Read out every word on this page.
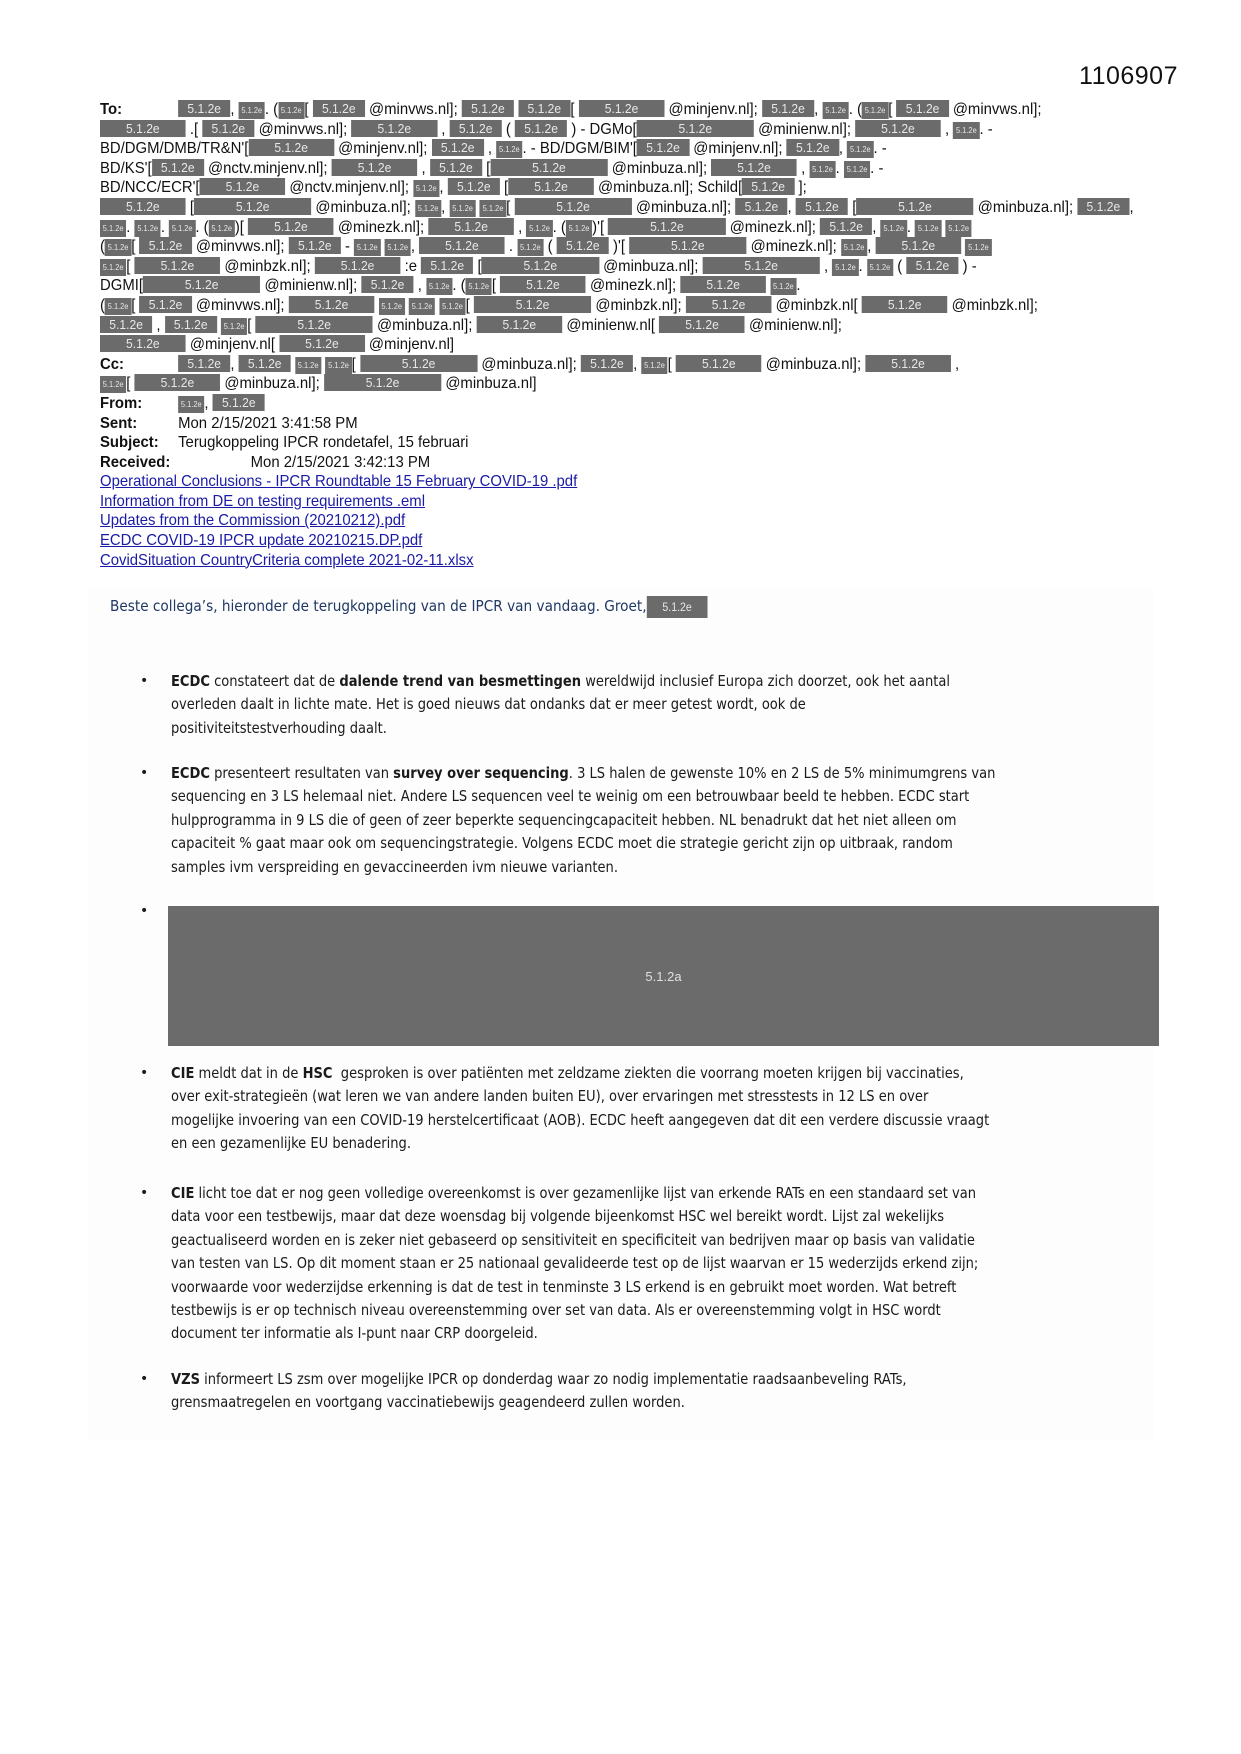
1106907
To:	5.1.2e , 5.1.2e . ( 5.1.2e [ 5.1.2e @minvws.nl]; 5.1.2e 5.1.2e [ 5.1.2e @minjenv.nl]; 5.1.2e , 5.1.2e . ( 5.1.2e [ 5.1.2e @minvws.nl];
5.1.2e .[ 5.1.2e @minvws.nl]; 5.1.2e , 5.1.2e ( 5.1.2e ) - DGMo[	5.1.2e	@minienw.nl]; 5.1.2e , 5.1.2e . -
BD/DGM/DMB/TR&N'[ 5.1.2e @minjenv.nl]; 5.1.2e , 5.1.2e . - BD/DGM/BIM'[ 5.1.2e @minjenv.nl]; 5.1.2e , 5.1.2e . -
BD/KS'[ 5.1.2e @nctv.minjenv.nl]; 5.1.2e , 5.1.2e [	5.1.2e	@minbuza.nl]; 5.1.2e , 5.1.2e . 5.1.2e . -
BD/NCC/ECR'[ 5.1.2e @nctv.minjenv.nl]; 5.1.2e , 5.1.2e [ 5.1.2e @minbuza.nl]; Schild[ 5.1.2e ];
5.1.2e [	5.1.2e	@minbuza.nl]; 5.1.2e , 5.1.2e 5.1.2e [	5.1.2e	@minbuza.nl]; 5.1.2e , 5.1.2e [	5.1.2e	@minbuza.nl]; 5.1.2e ,
5.1.2e . 5.1.2e . 5.1.2e . ( 5.1.2e )[ 5.1.2e @minezk.nl]; 5.1.2e , 5.1.2e . ( 5.1.2e )'[	5.1.2e	@minezk.nl]; 5.1.2e , 5.1.2e . 5.1.2e 5.1.2e
( 5.1.2e [ 5.1.2e @minvws.nl]; 5.1.2e - 5.1.2e 5.1.2e , 5.1.2e . 5.1.2e ( 5.1.2e )'[	5.1.2e	@minezk.nl]; 5.1.2e , 5.1.2e	5.1.2e
5.1.2e [ 5.1.2e @minbzk.nl]; 5.1.2e :e 5.1.2e [	5.1.2e	@minbuza.nl];	5.1.2e	, 5.1.2e . 5.1.2e ( 5.1.2e ) -
DGMI[	5.1.2e	@minienw.nl]; 5.1.2e , 5.1.2e . ( 5.1.2e [ 5.1.2e @minezk.nl]; 5.1.2e	5.1.2e .
( 5.1.2e [ 5.1.2e @minvws.nl]; 5.1.2e	5.1.2e 5.1.2e 5.1.2e [	5.1.2e	@minbzk.nl]; 5.1.2e @minbzk.nl[ 5.1.2e @minbzk.nl];
5.1.2e , 5.1.2e 5.1.2e [	5.1.2e	@minbuza.nl]; 5.1.2e @minienw.nl[ 5.1.2e @minienw.nl];
5.1.2e @minjenv.nl[ 5.1.2e @minjenv.nl]
Cc:	5.1.2e , 5.1.2e 5.1.2e 5.1.2e [	5.1.2e	@minbuza.nl]; 5.1.2e , 5.1.2e [ 5.1.2e @minbuza.nl]; 5.1.2e ,
5.1.2e [ 5.1.2e @minbuza.nl];	5.1.2e	@minbuza.nl]
From:	5.1.2e , 5.1.2e
Sent:	Mon 2/15/2021 3:41:58 PM
Subject:	Terugkoppeling IPCR rondetafel, 15 februari
Received:	Mon 2/15/2021 3:42:13 PM
Operational Conclusions - IPCR Roundtable 15 February COVID-19 .pdf
Information from DE on testing requirements .eml
Updates from the Commission (20210212).pdf
ECDC COVID-19 IPCR update 20210215.DP.pdf
CovidSituation CountryCriteria complete 2021-02-11.xlsx
Beste collega’s, hieronder de terugkoppeling van de IPCR van vandaag. Groet, 5.1.2e
• ECDC constateert dat de dalende trend van besmettingen wereldwijd inclusief Europa zich doorzet, ook het aantal
overleden daalt in lichte mate. Het is goed nieuws dat ondanks dat er meer getest wordt, ook de
positiviteitstestverhouding daalt.
• ECDC presenteert resultaten van survey over sequencing. 3 LS halen de gewenste 10% en 2 LS de 5% minimumgrens van
sequencing en 3 LS helemaal niet. Andere LS sequencen veel te weinig om een betrouwbaar beeld te hebben. ECDC start
hulpprogramma in 9 LS die of geen of zeer beperkte sequencingcapaciteit hebben. NL benadrukt dat het niet alleen om
capaciteit % gaat maar ook om sequencingstrategie. Volgens ECDC moet die strategie gericht zijn op uitbraak, random
samples ivm verspreiding en gevaccineerden ivm nieuwe varianten.
•
5.1.2a
• CIE meldt dat in de HSC  gesproken is over patiënten met zeldzame ziekten die voorrang moeten krijgen bij vaccinaties,
over exit-strategieën (wat leren we van andere landen buiten EU), over ervaringen met stresstests in 12 LS en over
mogelijke invoering van een COVID-19 herstelcertificaat (AOB). ECDC heeft aangegeven dat dit een verdere discussie vraagt
en een gezamenlijke EU benadering.
• CIE licht toe dat er nog geen volledige overeenkomst is over gezamenlijke lijst van erkende RATs en een standaard set van
data voor een testbewijs, maar dat deze woensdag bij volgende bijeenkomst HSC wel bereikt wordt. Lijst zal wekelijks
geactualiseerd worden en is zeker niet gebaseerd op sensitiviteit en specificiteit van bedrijven maar op basis van validatie
van testen van LS. Op dit moment staan er 25 nationaal gevalideerde test op de lijst waarvan er 15 wederzijds erkend zijn;
voorwaarde voor wederzijdse erkenning is dat de test in tenminste 3 LS erkend is en gebruikt moet worden. Wat betreft
testbewijs is er op technisch niveau overeenstemming over set van data. Als er overeenstemming volgt in HSC wordt
document ter informatie als I-punt naar CRP doorgeleid.
• VZS informeert LS zsm over mogelijke IPCR op donderdag waar zo nodig implementatie raadsaanbeveling RATs,
grensmaatregelen en voortgang vaccinatiebewijs geagendeerd zullen worden.
